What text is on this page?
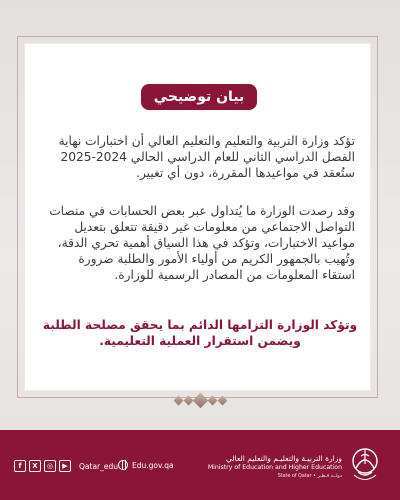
بيان توضيحي
تؤكد وزارة التربية والتعليم والتعليم العالي أن اختبارات نهاية الفصل الدراسي الثاني للعام الدراسي الحالي 2024-2025 ستُعقد في مواعيدها المقررة، دون أي تغيير.
وقد رصدت الوزارة ما يُتداول عبر بعض الحسابات في منصات التواصل الاجتماعي من معلومات غير دقيقة تتعلق بتعديل مواعيد الاختبارات، وتؤكد في هذا السياق أهمية تحري الدقة، وتُهيب بالجمهور الكريم من أولياء الأمور والطلبة ضرورة استقاء المعلومات من المصادر الرسمية للوزارة.
وتؤكد الوزارة التزامها الدائم بما يحقق مصلحة الطلبة ويضمن استقرار العملية التعليمية.
f	X	◎	▶	Qatar_edu Edu.gov.qa
وزارة التربيـة والتعليـم والتعليم العالي
Ministry of Education and Higher Education
State of Qatar • دولــة قـطـر
